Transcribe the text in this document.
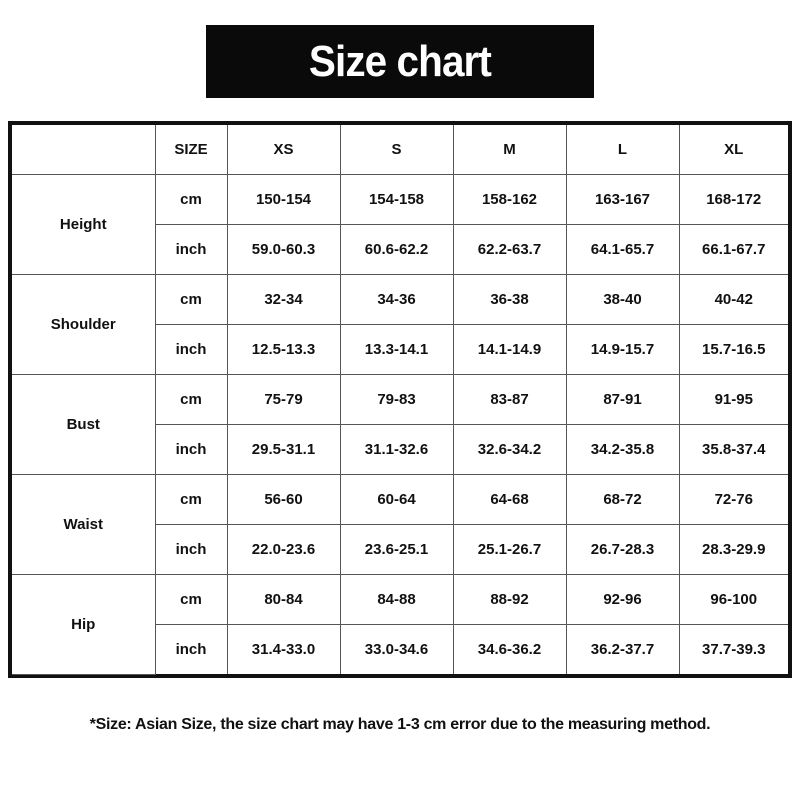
Size chart
	SIZE	XS	S	M	L	XL
Height	cm	150-154	154-158	158-162	163-167	168-172
	inch	59.0-60.3	60.6-62.2	62.2-63.7	64.1-65.7	66.1-67.7
Shoulder	cm	32-34	34-36	36-38	38-40	40-42
	inch	12.5-13.3	13.3-14.1	14.1-14.9	14.9-15.7	15.7-16.5
Bust	cm	75-79	79-83	83-87	87-91	91-95
	inch	29.5-31.1	31.1-32.6	32.6-34.2	34.2-35.8	35.8-37.4
Waist	cm	56-60	60-64	64-68	68-72	72-76
	inch	22.0-23.6	23.6-25.1	25.1-26.7	26.7-28.3	28.3-29.9
Hip	cm	80-84	84-88	88-92	92-96	96-100
	inch	31.4-33.0	33.0-34.6	34.6-36.2	36.2-37.7	37.7-39.3
*Size: Asian Size, the size chart may have 1-3 cm error due to the measuring method.
